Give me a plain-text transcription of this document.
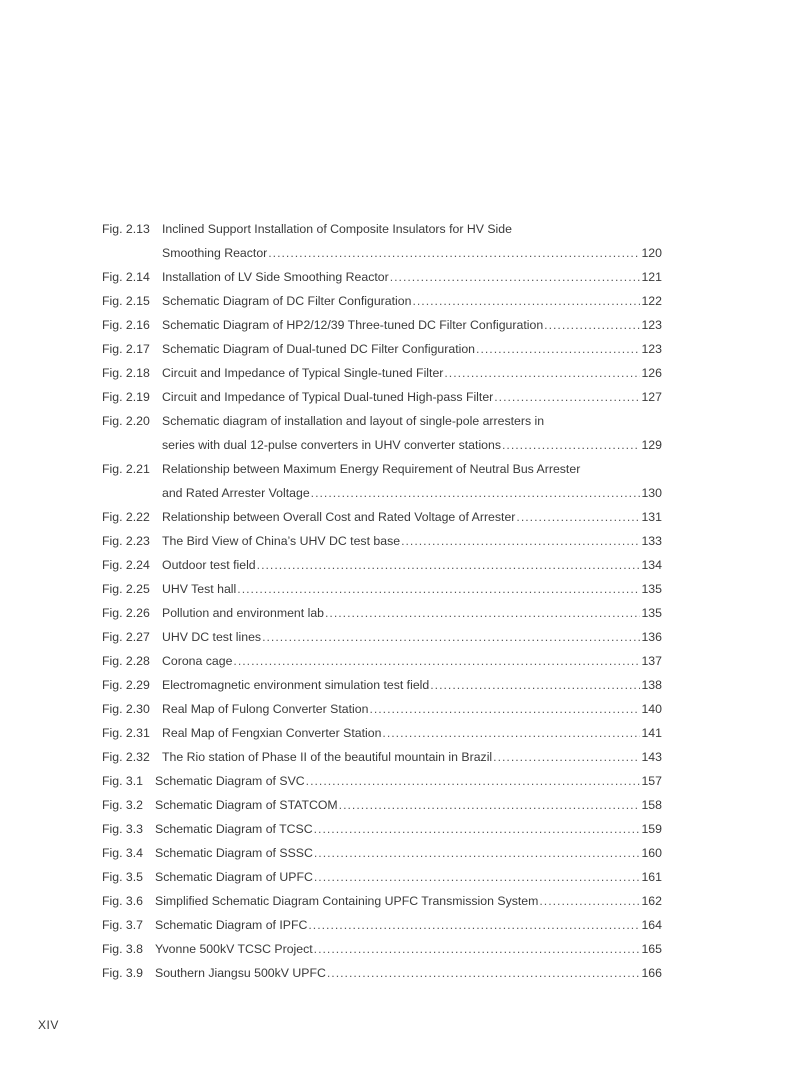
Fig. 2.13 Inclined Support Installation of Composite Insulators for HV Side
Smoothing Reactor .....	120
Fig. 2.14 Installation of LV Side Smoothing Reactor .....	121
Fig. 2.15 Schematic Diagram of DC Filter Configuration .....	122
Fig. 2.16 Schematic Diagram of HP2/12/39 Three-tuned DC Filter Configuration .....	123
Fig. 2.17 Schematic Diagram of Dual-tuned DC Filter Configuration .....	123
Fig. 2.18 Circuit and Impedance of Typical Single-tuned Filter .....	126
Fig. 2.19 Circuit and Impedance of Typical Dual-tuned High-pass Filter .....	127
Fig. 2.20 Schematic diagram of installation and layout of single-pole arresters in
series with dual 12-pulse converters in UHV converter stations .....	129
Fig. 2.21 Relationship between Maximum Energy Requirement of Neutral Bus Arrester
and Rated Arrester Voltage .....	130
Fig. 2.22 Relationship between Overall Cost and Rated Voltage of Arrester .....	131
Fig. 2.23 The Bird View of China’s UHV DC test base .....	133
Fig. 2.24 Outdoor test field .....	134
Fig. 2.25 UHV Test hall .....	135
Fig. 2.26 Pollution and environment lab .....	135
Fig. 2.27 UHV DC test lines .....	136
Fig. 2.28 Corona cage .....	137
Fig. 2.29 Electromagnetic environment simulation test field .....	138
Fig. 2.30 Real Map of Fulong Converter Station .....	140
Fig. 2.31 Real Map of Fengxian Converter Station .....	141
Fig. 2.32 The Rio station of Phase II of the beautiful mountain in Brazil .....	143
Fig. 3.1 Schematic Diagram of SVC .....	157
Fig. 3.2 Schematic Diagram of STATCOM .....	158
Fig. 3.3 Schematic Diagram of TCSC .....	159
Fig. 3.4 Schematic Diagram of SSSC .....	160
Fig. 3.5 Schematic Diagram of UPFC .....	161
Fig. 3.6 Simplified Schematic Diagram Containing UPFC Transmission System .....	162
Fig. 3.7 Schematic Diagram of IPFC .....	164
Fig. 3.8 Yvonne 500kV TCSC Project .....	165
Fig. 3.9 Southern Jiangsu 500kV UPFC .....	166
XIV
